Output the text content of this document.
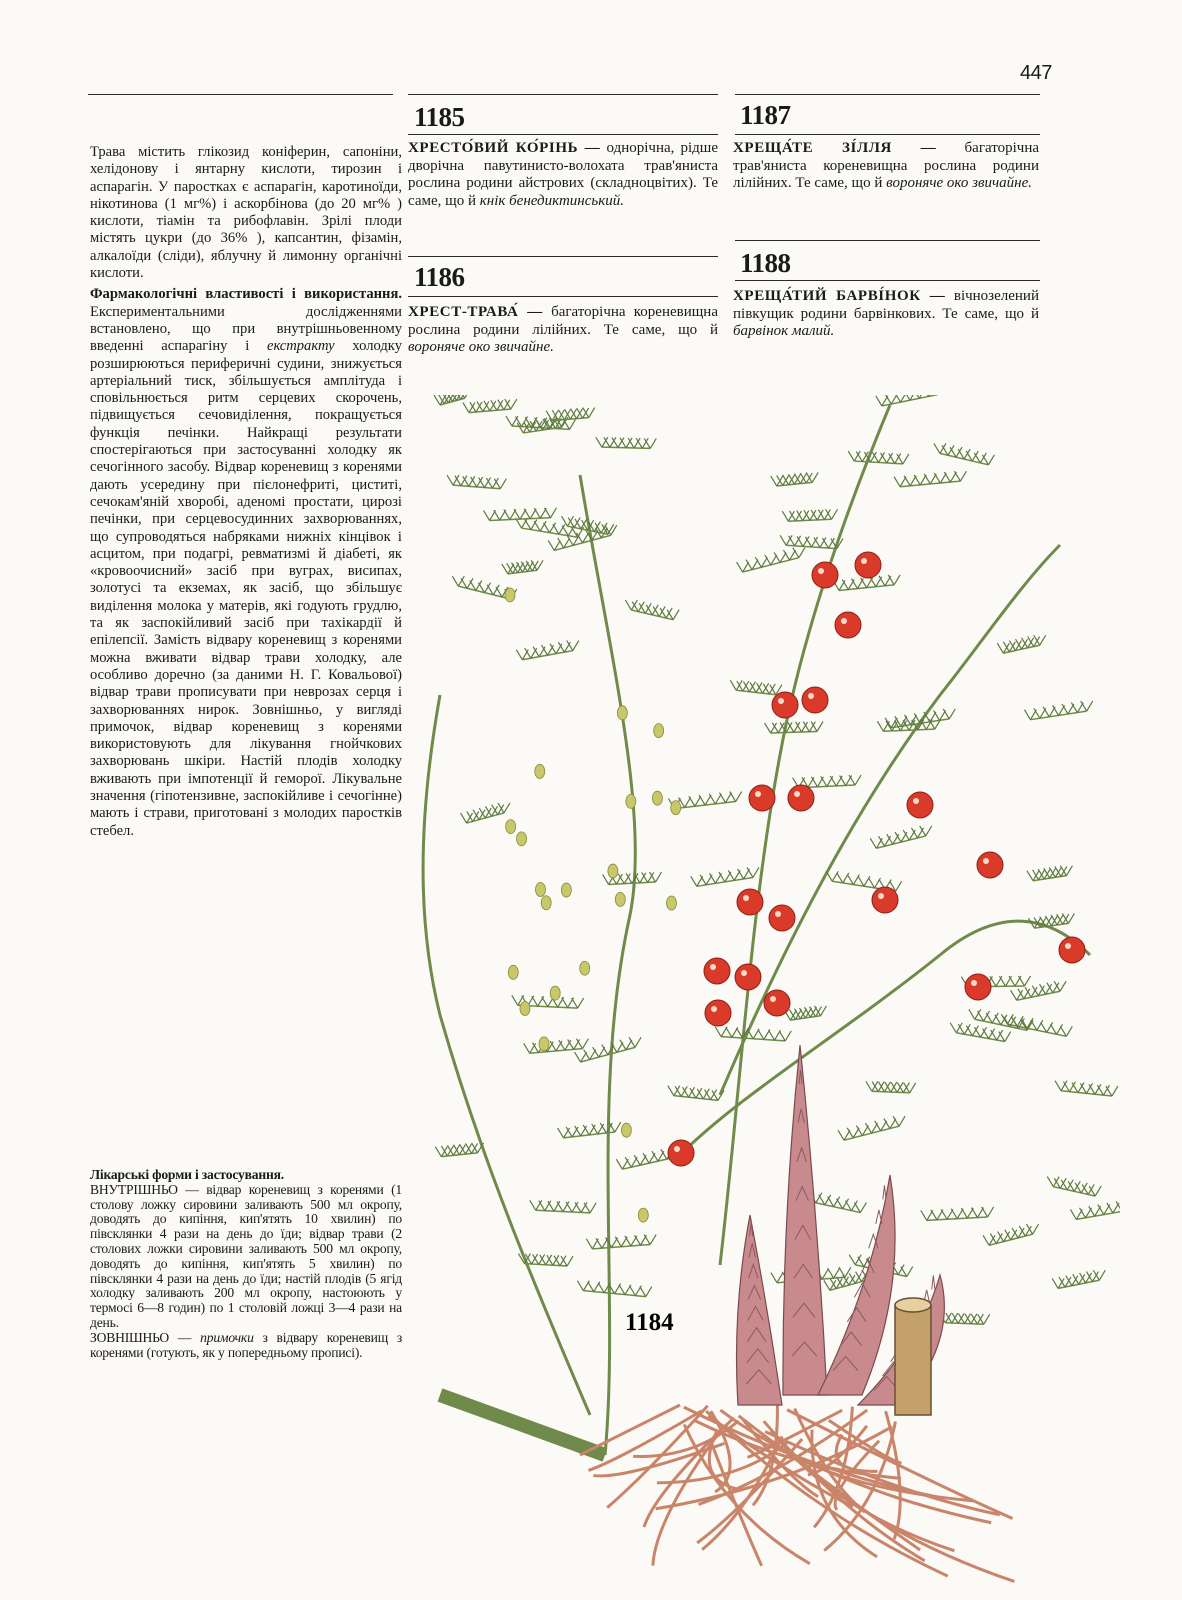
447

Трава містить глікозид коніферин, сапоніни, хелідонову і янтарну кислоти, тирозин і аспарагін. У паростках є аспарагін, каротиноїди, нікотинова (1 мг%) і аскорбінова (до 20 мг% ) кислоти, тіамін та рибофлавін. Зрілі плоди містять цукри (до 36% ), капсантин, фізамін, алкалоїди (сліди), яблучну й лимонну органічні кислоти.

Фармакологічні властивості і використання. Експериментальними дослідженнями встановлено, що при внутрішньовенному введенні аспарагіну і екстракту холодку розширюються периферичні судини, знижується артеріальний тиск, збільшується амплітуда і сповільнюється ритм серцевих скорочень, підвищується сечовиділення, покращується функція печінки. Найкращі результати спостерігаються при застосуванні холодку як сечогінного засобу. Відвар кореневищ з коренями дають усередину при пієлонефриті, циститі, сечокам'яній хворобі, аденомі простати, цирозі печінки, при серцевосудинних захворюваннях, що супроводяться набряками нижніх кінцівок і асцитом, при подагрі, ревматизмі й діабеті, як «кровоочисний» засіб при вуграх, висипах, золотусі та екземах, як засіб, що збільшує виділення молока у матерів, які годують грудлю, та як заспокійливий засіб при тахікардії й епілепсії. Замість відвару кореневищ з коренями можна вживати відвар трави холодку, але особливо доречно (за даними Н. Г. Ковальової) відвар трави прописувати при неврозах серця і захворюваннях нирок. Зовнішньо, у вигляді примочок, відвар кореневищ з коренями використовують для лікування гнойчкових захворювань шкіри. Настій плодів холодку вживають при імпотенції й геморої. Лікувальне значення (гіпотензивне, заспокійливе і сечогінне) мають і страви, приготовані з молодих паростків стебел.

Лікарські форми і застосування.

ВНУТРІШНЬО — відвар кореневищ з коренями (1 столову ложку сировини заливають 500 мл окропу, доводять до кипіння, кип'ятять 10 хвилин) по півсклянки 4 рази на день до їди; відвар трави (2 столових ложки сировини заливають 500 мл окропу, доводять до кипіння, кип'ятять 5 хвилин) по півсклянки 4 рази на день до їди; настій плодів (5 ягід холодку заливають 200 мл окропу, настоюють у термосі 6—8 годин) по 1 столовій ложці 3—4 рази на день.

ЗОВНІШНЬО — примочки з відвару кореневищ з коренями (готують, як у попередньому прописі).

1185
ХРЕСТО́ВИЙ КО́РІНЬ — однорічна, рідше дворічна павутинисто-волохата трав'яниста рослина родини айстрових (складноцвітих). Те саме, що й кнік бенедиктинський.
1186
ХРЕСТ-ТРАВА́ — багаторічна кореневищна рослина родини лілійних. Те саме, що й вороняче око звичайне.
1187
ХРЕЩА́ТЕ ЗІ́ЛЛЯ — багаторічна трав'яниста кореневищна рослина родини лілійних. Те саме, що й вороняче око звичайне.
1188
ХРЕЩА́ТИЙ БАРВІ́НОК — вічнозелений півкущик родини барвінкових. Те саме, що й барвінок малий.
1184
